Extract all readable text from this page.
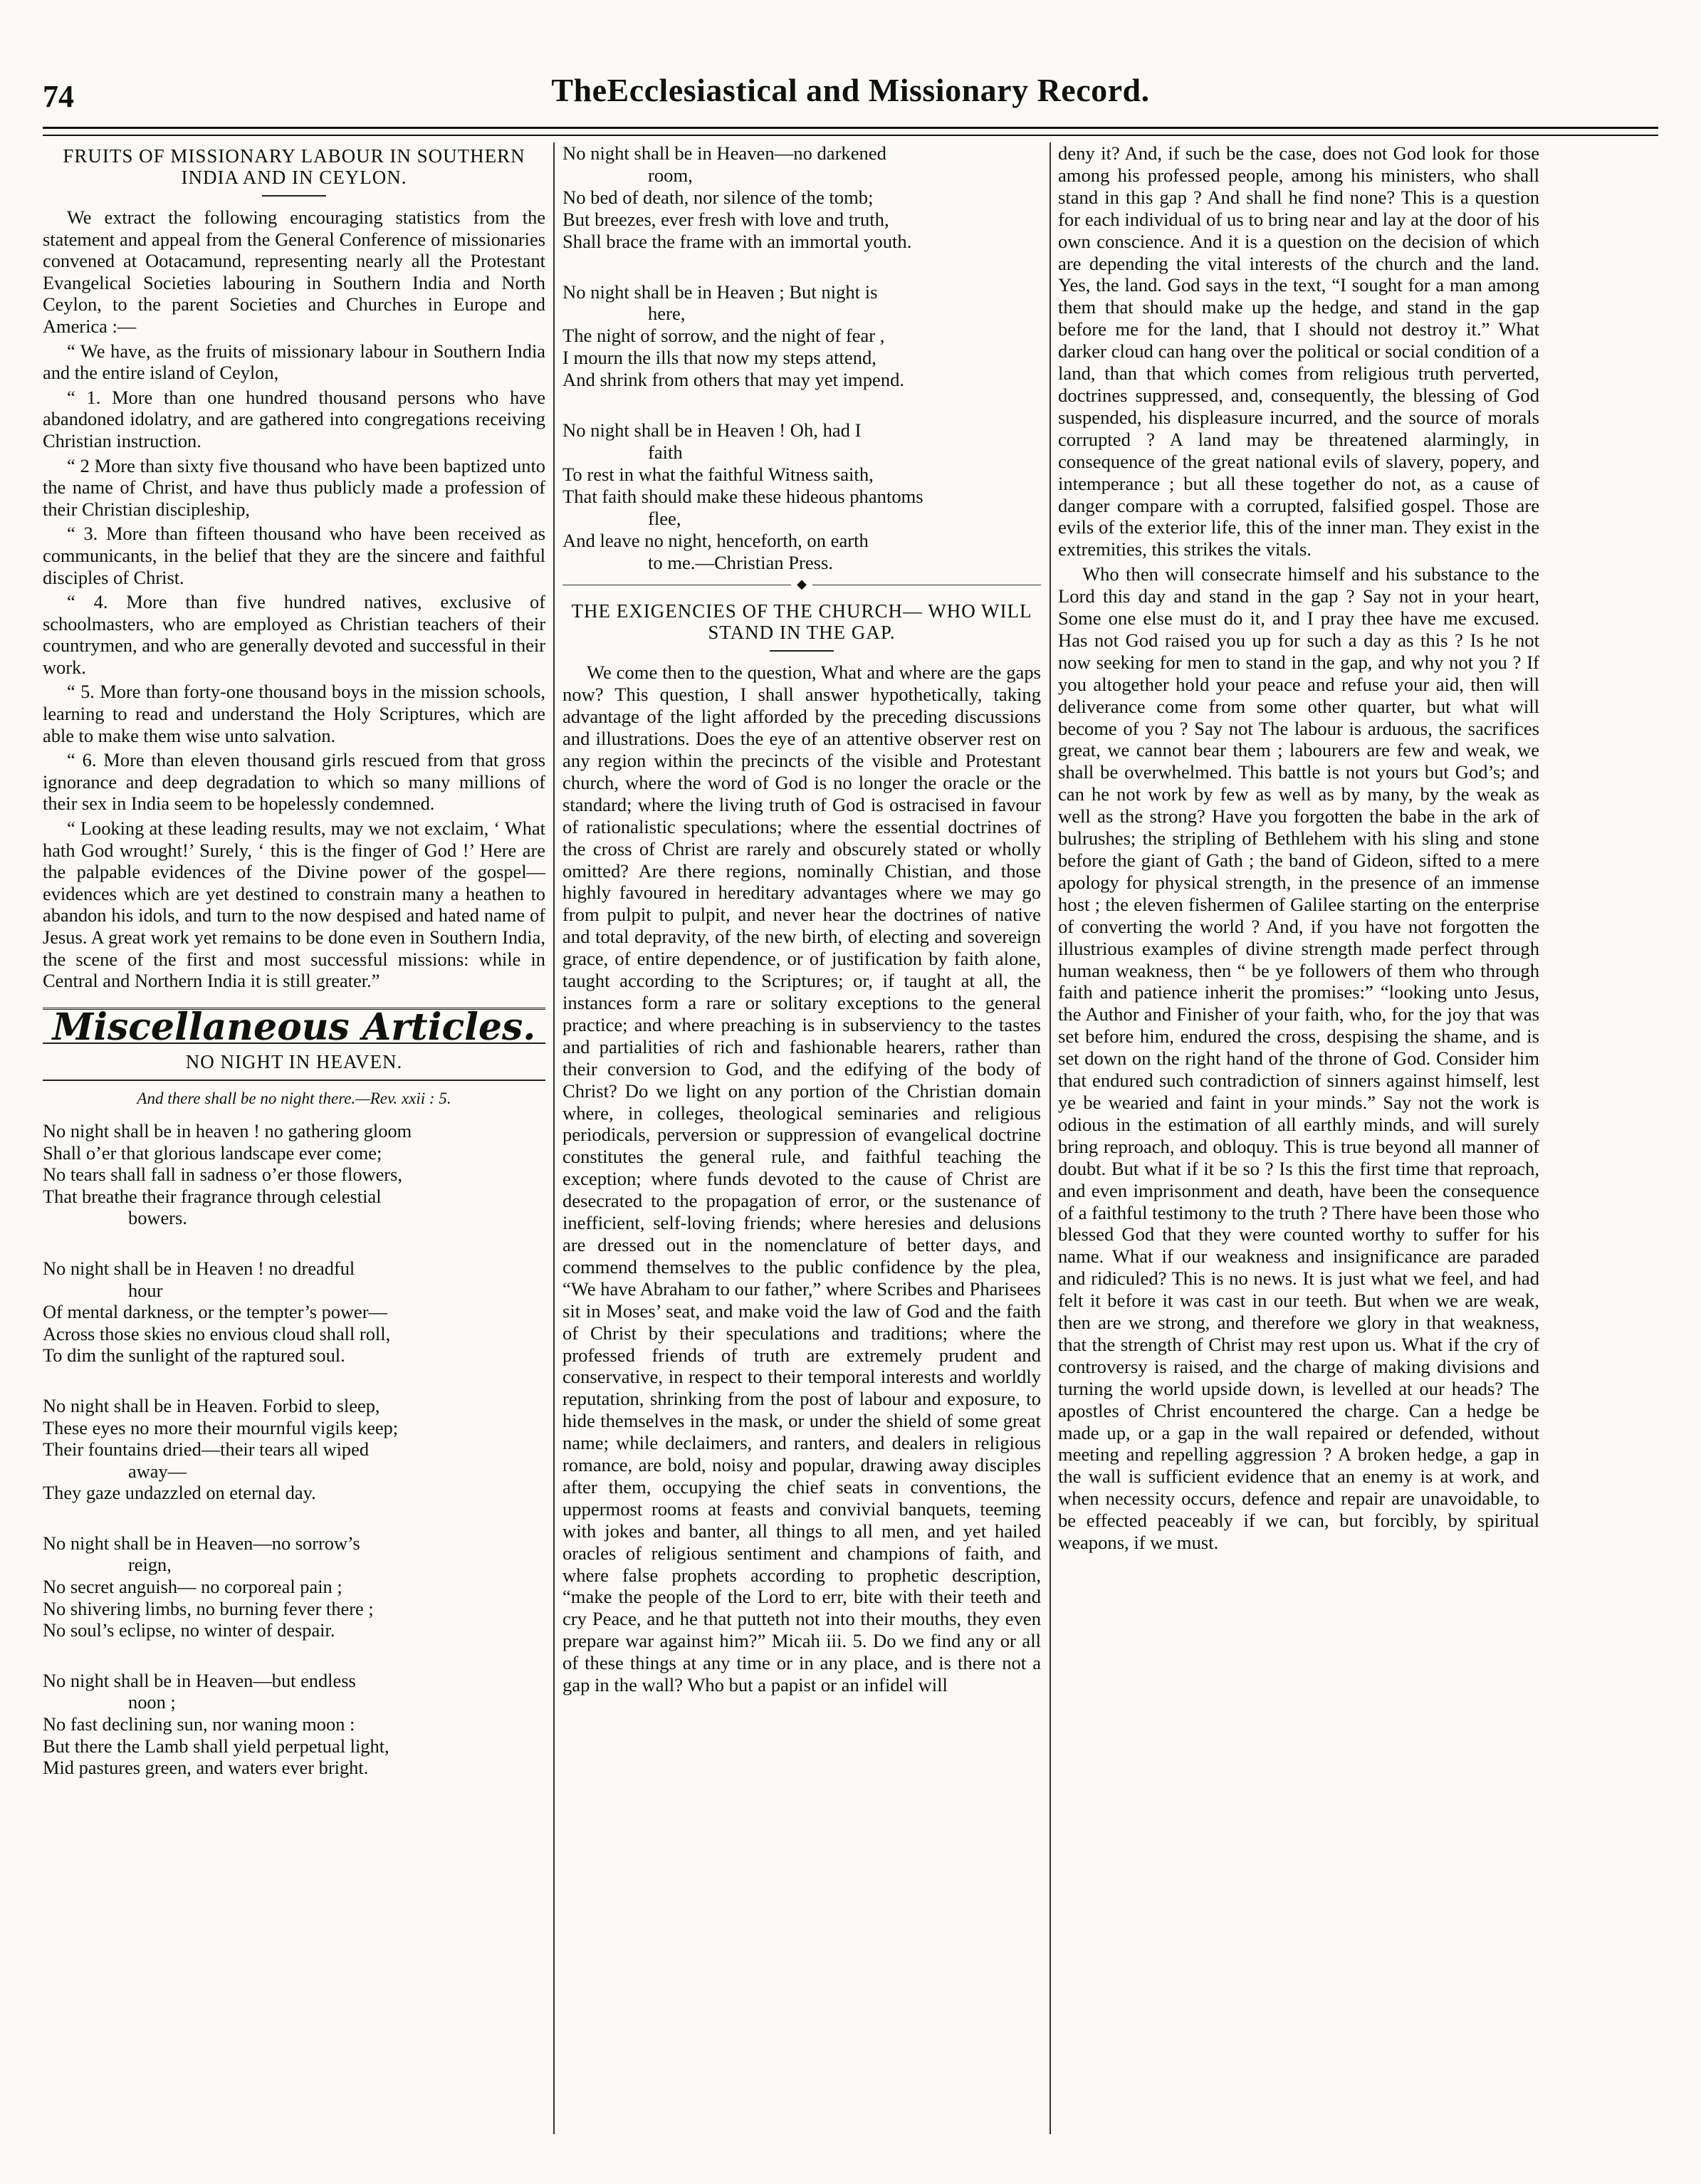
74	TheEcclesiastical and Missionary Record.
FRUITS OF MISSIONARY LABOUR IN SOUTHERN INDIA AND IN CEYLON.

We extract the following encouraging statistics from the statement and appeal from the General Conference of missionaries convened at Ootacamund, representing nearly all the Protestant Evangelical Societies labouring in Southern India and North Ceylon, to the parent Societies and Churches in Europe and America :—

“ We have, as the fruits of missionary labour in Southern India and the entire island of Ceylon,

“ 1. More than one hundred thousand persons who have abandoned idolatry, and are gathered into congregations receiving Christian instruction.

“ 2 More than sixty five thousand who have been baptized unto the name of Christ, and have thus publicly made a profession of their Christian discipleship,

“ 3. More than fifteen thousand who have been received as communicants, in the belief that they are the sincere and faithful disciples of Christ.

“ 4. More than five hundred natives, exclusive of schoolmasters, who are employed as Christian teachers of their countrymen, and who are generally devoted and successful in their work.

“ 5. More than forty-one thousand boys in the mission schools, learning to read and understand the Holy Scriptures, which are able to make them wise unto salvation.

“ 6. More than eleven thousand girls rescued from that gross ignorance and deep degradation to which so many millions of their sex in India seem to be hopelessly condemned.

“ Looking at these leading results, may we not exclaim, ‘ What hath God wrought!’ Surely, ‘ this is the finger of God !’ Here are the palpable evidences of the Divine power of the gospel—evidences which are yet destined to constrain many a heathen to abandon his idols, and turn to the now despised and hated name of Jesus. A great work yet remains to be done even in Southern India, the scene of the first and most successful missions: while in Central and Northern India it is still greater.”

Miscellaneous Articles.
NO NIGHT IN HEAVEN.
And there shall be no night there.—Rev. xxii : 5.
No night shall be in heaven ! no gathering gloom
Shall o’er that glorious landscape ever come;
No tears shall fall in sadness o’er those flowers,
That breathe their fragrance through celestial
bowers.
No night shall be in Heaven ! no dreadful
hour
Of mental darkness, or the tempter’s power—
Across those skies no envious cloud shall roll,
To dim the sunlight of the raptured soul.
No night shall be in Heaven. Forbid to sleep,
These eyes no more their mournful vigils keep;
Their fountains dried—their tears all wiped
away—
They gaze undazzled on eternal day.
No night shall be in Heaven—no sorrow’s
reign,
No secret anguish— no corporeal pain ;
No shivering limbs, no burning fever there ;
No soul’s eclipse, no winter of despair.
No night shall be in Heaven—but endless
noon ;
No fast declining sun, nor waning moon :
But there the Lamb shall yield perpetual light,
Mid pastures green, and waters ever bright.
No night shall be in Heaven—no darkened
room,
No bed of death, nor silence of the tomb;
But breezes, ever fresh with love and truth,
Shall brace the frame with an immortal youth.
No night shall be in Heaven ; But night is
here,
The night of sorrow, and the night of fear ,
I mourn the ills that now my steps attend,
And shrink from others that may yet impend.
No night shall be in Heaven ! Oh, had I
faith
To rest in what the faithful Witness saith,
That faith should make these hideous phantoms
flee,
And leave no night, henceforth, on earth
to me.—Christian Press.
◆
THE EXIGENCIES OF THE CHURCH— WHO WILL STAND IN THE GAP.

We come then to the question, What and where are the gaps now? This question, I shall answer hypothetically, taking advantage of the light afforded by the preceding discussions and illustrations. Does the eye of an attentive observer rest on any region within the precincts of the visible and Protestant church, where the word of God is no longer the oracle or the standard; where the living truth of God is ostracised in favour of rationalistic speculations; where the essential doctrines of the cross of Christ are rarely and obscurely stated or wholly omitted? Are there regions, nominally Chistian, and those highly favoured in hereditary advantages where we may go from pulpit to pulpit, and never hear the doctrines of native and total depravity, of the new birth, of electing and sovereign grace, of entire dependence, or of justification by faith alone, taught according to the Scriptures; or, if taught at all, the instances form a rare or solitary exceptions to the general practice; and where preaching is in subserviency to the tastes and partialities of rich and fashionable hearers, rather than their conversion to God, and the edifying of the body of Christ? Do we light on any portion of the Christian domain where, in colleges, theological seminaries and religious periodicals, perversion or suppression of evangelical doctrine constitutes the general rule, and faithful teaching the exception; where funds devoted to the cause of Christ are desecrated to the propagation of error, or the sustenance of inefficient, self-loving friends; where heresies and delusions are dressed out in the nomenclature of better days, and commend themselves to the public confidence by the plea, “We have Abraham to our father,” where Scribes and Pharisees sit in Moses’ seat, and make void the law of God and the faith of Christ by their speculations and traditions; where the professed friends of truth are extremely prudent and conservative, in respect to their temporal interests and worldly reputation, shrinking from the post of labour and exposure, to hide themselves in the mask, or under the shield of some great name; while declaimers, and ranters, and dealers in religious romance, are bold, noisy and popular, drawing away disciples after them, occupying the chief seats in conventions, the uppermost rooms at feasts and convivial banquets, teeming with jokes and banter, all things to all men, and yet hailed oracles of religious sentiment and champions of faith, and where false prophets according to prophetic description, “make the people of the Lord to err, bite with their teeth and cry Peace, and he that putteth not into their mouths, they even prepare war against him?” Micah iii. 5. Do we find any or all of these things at any time or in any place, and is there not a gap in the wall? Who but a papist or an infidel will

deny it? And, if such be the case, does not God look for those among his professed people, among his ministers, who shall stand in this gap ? And shall he find none? This is a question for each individual of us to bring near and lay at the door of his own conscience. And it is a question on the decision of which are depending the vital interests of the church and the land. Yes, the land. God says in the text, “I sought for a man among them that should make up the hedge, and stand in the gap before me for the land, that I should not destroy it.” What darker cloud can hang over the political or social condition of a land, than that which comes from religious truth perverted, doctrines suppressed, and, consequently, the blessing of God suspended, his displeasure incurred, and the source of morals corrupted ? A land may be threatened alarmingly, in consequence of the great national evils of slavery, popery, and intemperance ; but all these together do not, as a cause of danger compare with a corrupted, falsified gospel. Those are evils of the exterior life, this of the inner man. They exist in the extremities, this strikes the vitals.

Who then will consecrate himself and his substance to the Lord this day and stand in the gap ? Say not in your heart, Some one else must do it, and I pray thee have me excused. Has not God raised you up for such a day as this ? Is he not now seeking for men to stand in the gap, and why not you ? If you altogether hold your peace and refuse your aid, then will deliverance come from some other quarter, but what will become of you ? Say not The labour is arduous, the sacrifices great, we cannot bear them ; labourers are few and weak, we shall be overwhelmed. This battle is not yours but God’s; and can he not work by few as well as by many, by the weak as well as the strong? Have you forgotten the babe in the ark of bulrushes; the stripling of Bethlehem with his sling and stone before the giant of Gath ; the band of Gideon, sifted to a mere apology for physical strength, in the presence of an immense host ; the eleven fishermen of Galilee starting on the enterprise of converting the world ? And, if you have not forgotten the illustrious examples of divine strength made perfect through human weakness, then “ be ye followers of them who through faith and patience inherit the promises:” “looking unto Jesus, the Author and Finisher of your faith, who, for the joy that was set before him, endured the cross, despising the shame, and is set down on the right hand of the throne of God. Consider him that endured such contradiction of sinners against himself, lest ye be wearied and faint in your minds.” Say not the work is odious in the estimation of all earthly minds, and will surely bring reproach, and obloquy. This is true beyond all manner of doubt. But what if it be so ? Is this the first time that reproach, and even imprisonment and death, have been the consequence of a faithful testimony to the truth ? There have been those who blessed God that they were counted worthy to suffer for his name. What if our weakness and insignificance are paraded and ridiculed? This is no news. It is just what we feel, and had felt it before it was cast in our teeth. But when we are weak, then are we strong, and therefore we glory in that weakness, that the strength of Christ may rest upon us. What if the cry of controversy is raised, and the charge of making divisions and turning the world upside down, is levelled at our heads? The apostles of Christ encountered the charge. Can a hedge be made up, or a gap in the wall repaired or defended, without meeting and repelling aggression ? A broken hedge, a gap in the wall is sufficient evidence that an enemy is at work, and when necessity occurs, defence and repair are unavoidable, to be effected peaceably if we can, but forcibly, by spiritual weapons, if we must.
